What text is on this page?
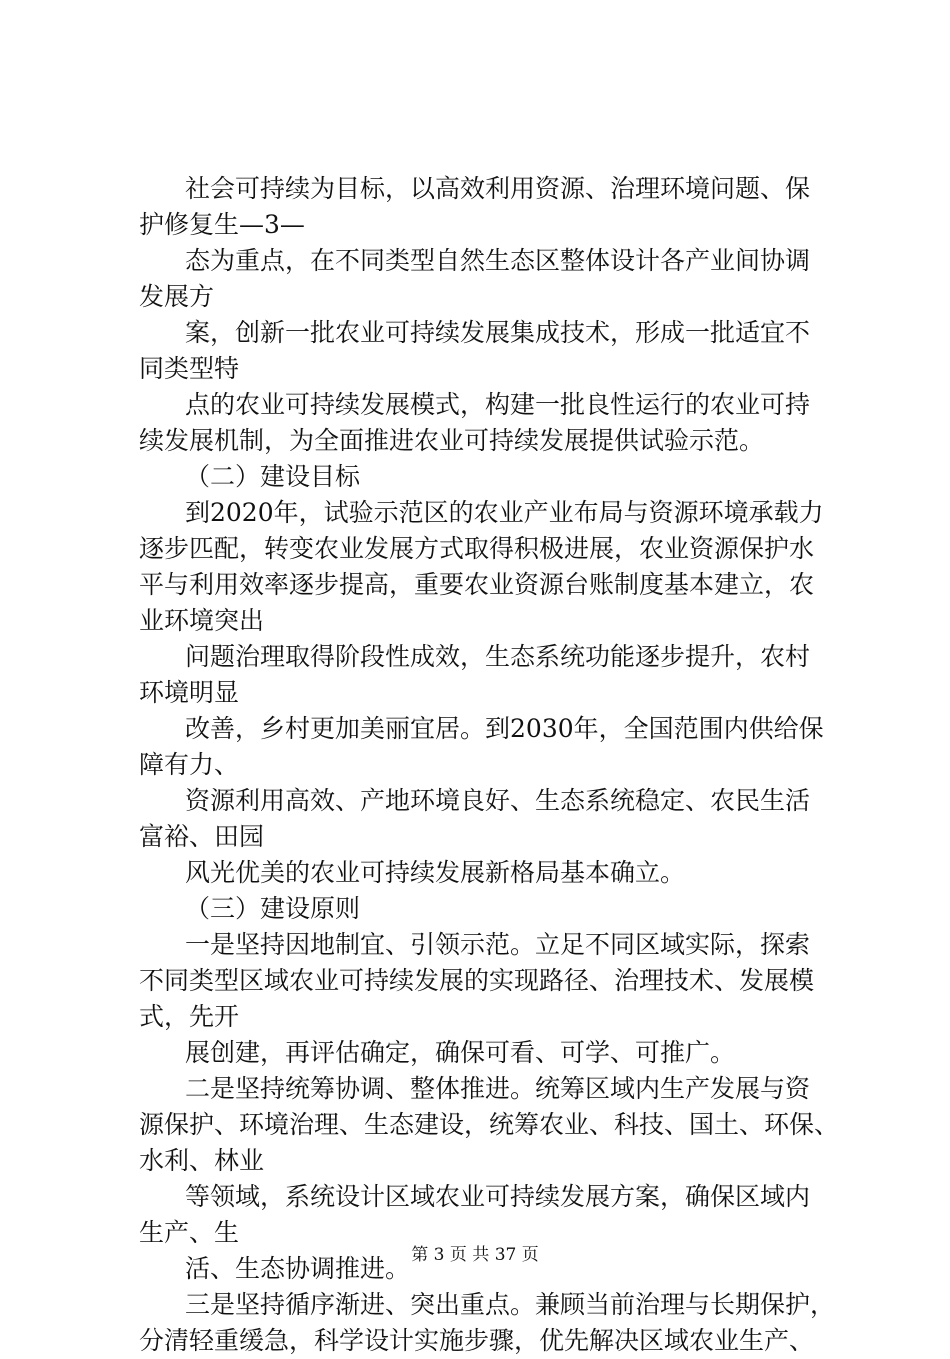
社会可持续为目标，以高效利用资源、治理环境问题、保
护修复生—3—
态为重点，在不同类型自然生态区整体设计各产业间协调
发展方
案，创新一批农业可持续发展集成技术，形成一批适宜不
同类型特
点的农业可持续发展模式，构建一批良性运行的农业可持
续发展机制，为全面推进农业可持续发展提供试验示范。
（二）建设目标
到2020年，试验示范区的农业产业布局与资源环境承载力
逐步匹配，转变农业发展方式取得积极进展，农业资源保护水
平与利用效率逐步提高，重要农业资源台账制度基本建立，农
业环境突出
问题治理取得阶段性成效，生态系统功能逐步提升，农村
环境明显
改善，乡村更加美丽宜居。到2030年，全国范围内供给保
障有力、
资源利用高效、产地环境良好、生态系统稳定、农民生活
富裕、田园
风光优美的农业可持续发展新格局基本确立。
（三）建设原则
一是坚持因地制宜、引领示范。立足不同区域实际，探索
不同类型区域农业可持续发展的实现路径、治理技术、发展模
式，先开
展创建，再评估确定，确保可看、可学、可推广。
二是坚持统筹协调、整体推进。统筹区域内生产发展与资
源保护、环境治理、生态建设，统筹农业、科技、国土、环保、
水利、林业
等领域，系统设计区域农业可持续发展方案，确保区域内
生产、生
活、生态协调推进。
三是坚持循序渐进、突出重点。兼顾当前治理与长期保护，
分清轻重缓急，科学设计实施步骤，优先解决区域农业生产、
第 3 页 共 37 页
